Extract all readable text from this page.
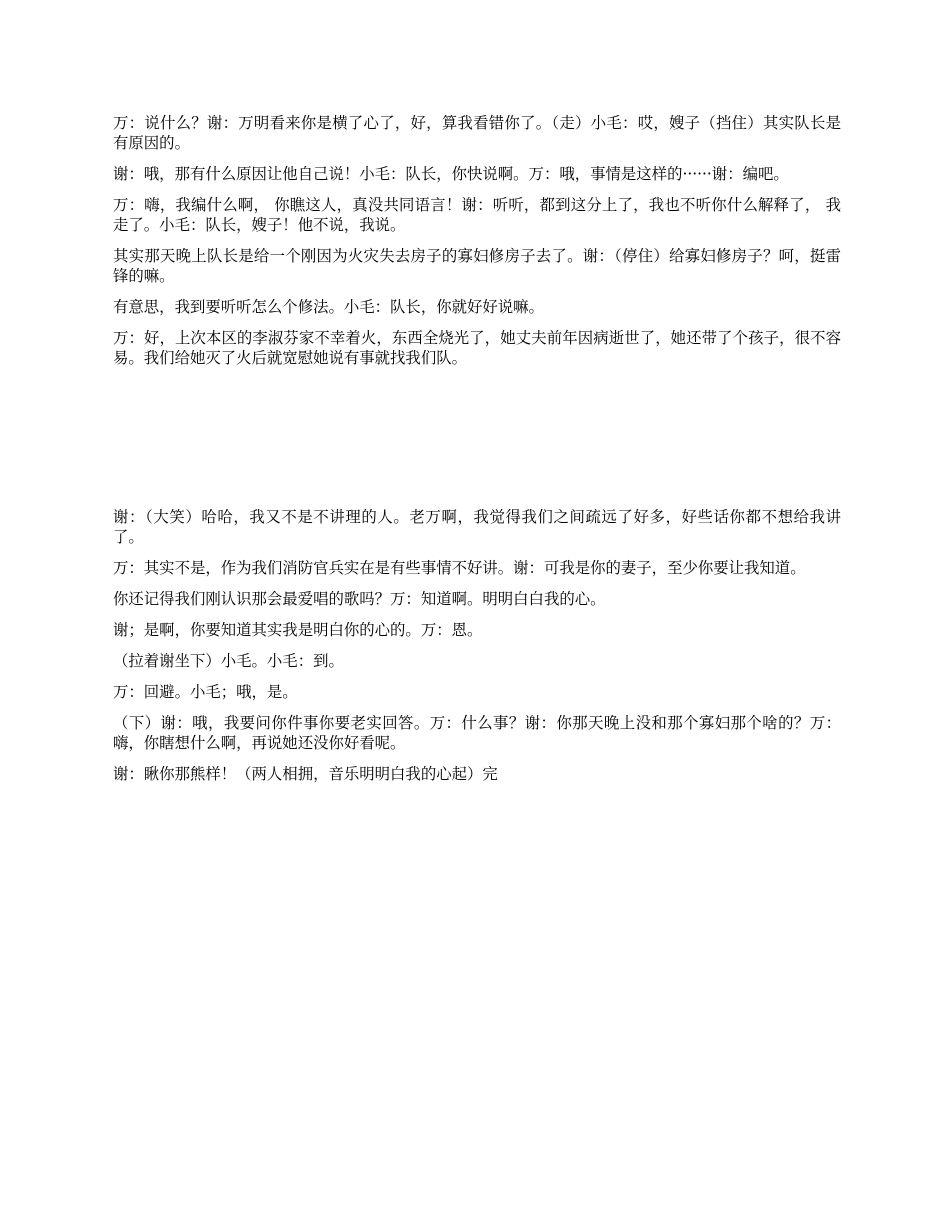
万：说什么？谢：万明看来你是横了心了，好，算我看错你了。（走）小毛：哎，嫂子（挡住）其实队长是有原因的。

谢：哦，那有什么原因让他自己说！小毛：队长，你快说啊。万：哦，事情是这样的······谢：编吧。

万：嗨，我编什么啊， 你瞧这人，真没共同语言！谢：听听，都到这分上了，我也不听你什么解释了， 我走了。小毛：队长，嫂子！他不说，我说。

其实那天晚上队长是给一个刚因为火灾失去房子的寡妇修房子去了。谢：（停住）给寡妇修房子？呵，挺雷锋的嘛。

有意思，我到要听听怎么个修法。小毛：队长，你就好好说嘛。

万：好，上次本区的李淑芬家不幸着火，东西全烧光了，她丈夫前年因病逝世了，她还带了个孩子，很不容易。我们给她灭了火后就宽慰她说有事就找我们队。

谢：（大笑）哈哈，我又不是不讲理的人。老万啊，我觉得我们之间疏远了好多，好些话你都不想给我讲了。

万：其实不是，作为我们消防官兵实在是有些事情不好讲。谢：可我是你的妻子，至少你要让我知道。

你还记得我们刚认识那会最爱唱的歌吗？万：知道啊。明明白白我的心。

谢；是啊，你要知道其实我是明白你的心的。万：恩。

（拉着谢坐下）小毛。小毛：到。

万：回避。小毛；哦，是。

（下）谢：哦，我要问你件事你要老实回答。万：什么事？谢：你那天晚上没和那个寡妇那个啥的？万：嗨，你瞎想什么啊，再说她还没你好看呢。

谢：瞅你那熊样！（两人相拥，音乐明明白我的心起）完
